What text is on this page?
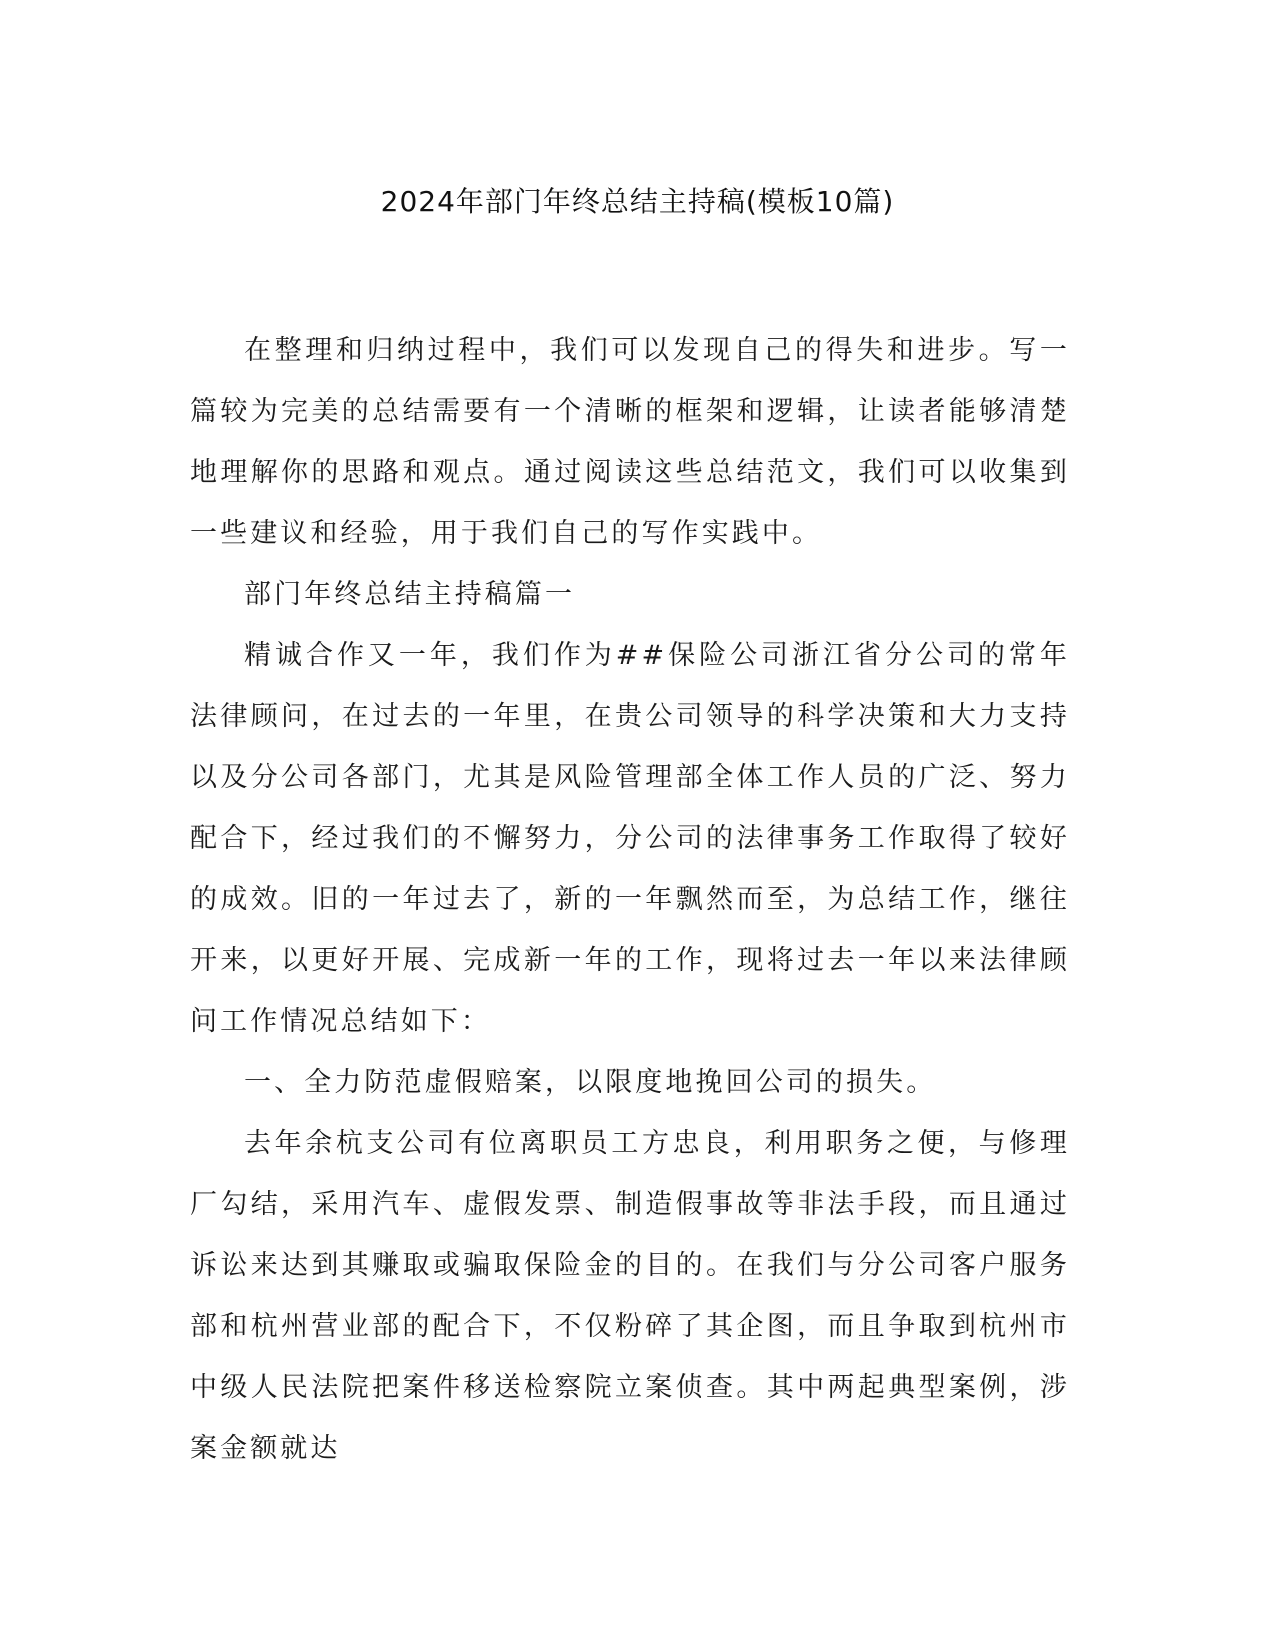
2024年部门年终总结主持稿(模板10篇)

在整理和归纳过程中，我们可以发现自己的得失和进步。写一篇较为完美的总结需要有一个清晰的框架和逻辑，让读者能够清楚地理解你的思路和观点。通过阅读这些总结范文，我们可以收集到一些建议和经验，用于我们自己的写作实践中。

部门年终总结主持稿篇一

精诚合作又一年，我们作为##保险公司浙江省分公司的常年法律顾问，在过去的一年里，在贵公司领导的科学决策和大力支持以及分公司各部门，尤其是风险管理部全体工作人员的广泛、努力配合下，经过我们的不懈努力，分公司的法律事务工作取得了较好的成效。旧的一年过去了，新的一年飘然而至，为总结工作，继往开来，以更好开展、完成新一年的工作，现将过去一年以来法律顾问工作情况总结如下：

一、全力防范虚假赔案，以限度地挽回公司的损失。

去年余杭支公司有位离职员工方忠良，利用职务之便，与修理厂勾结，采用汽车、虚假发票、制造假事故等非法手段，而且通过诉讼来达到其赚取或骗取保险金的目的。在我们与分公司客户服务部和杭州营业部的配合下，不仅粉碎了其企图，而且争取到杭州市中级人民法院把案件移送检察院立案侦查。其中两起典型案例，涉案金额就达
